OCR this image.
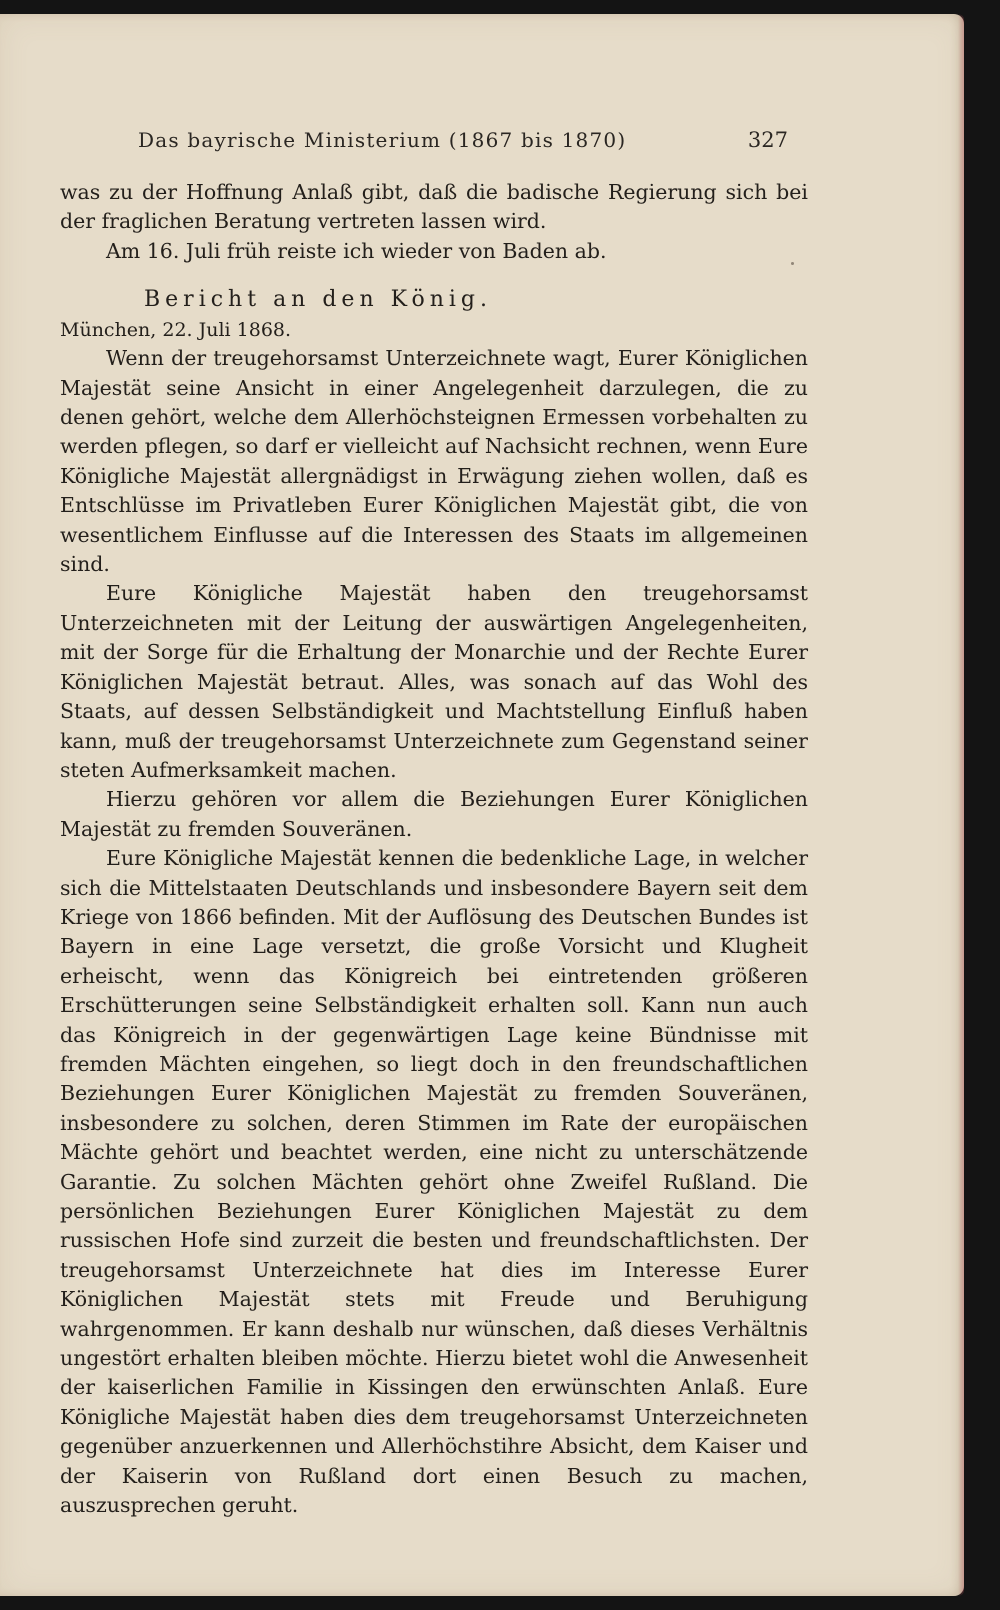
Das bayrische Ministerium (1867 bis 1870)	327

was zu der Hoffnung Anlaß gibt, daß die badische Regierung sich bei der fraglichen Beratung vertreten lassen wird.

Am 16. Juli früh reiste ich wieder von Baden ab.

Bericht an den König.

München, 22. Juli 1868.

Wenn der treugehorsamst Unterzeichnete wagt, Eurer Königlichen Majestät seine Ansicht in einer Angelegenheit darzulegen, die zu denen gehört, welche dem Allerhöchsteignen Ermessen vorbehalten zu werden pflegen, so darf er vielleicht auf Nachsicht rechnen, wenn Eure Königliche Majestät allergnädigst in Erwägung ziehen wollen, daß es Entschlüsse im Privatleben Eurer Königlichen Majestät gibt, die von wesentlichem Einflusse auf die Interessen des Staats im allgemeinen sind.

Eure Königliche Majestät haben den treugehorsamst Unterzeichneten mit der Leitung der auswärtigen Angelegenheiten, mit der Sorge für die Erhaltung der Monarchie und der Rechte Eurer Königlichen Majestät betraut. Alles, was sonach auf das Wohl des Staats, auf dessen Selbständigkeit und Machtstellung Einfluß haben kann, muß der treugehorsamst Unterzeichnete zum Gegenstand seiner steten Aufmerksamkeit machen.

Hierzu gehören vor allem die Beziehungen Eurer Königlichen Majestät zu fremden Souveränen.

Eure Königliche Majestät kennen die bedenkliche Lage, in welcher sich die Mittelstaaten Deutschlands und insbesondere Bayern seit dem Kriege von 1866 befinden. Mit der Auflösung des Deutschen Bundes ist Bayern in eine Lage versetzt, die große Vorsicht und Klugheit erheischt, wenn das Königreich bei eintretenden größeren Erschütterungen seine Selbständigkeit erhalten soll. Kann nun auch das Königreich in der gegenwärtigen Lage keine Bündnisse mit fremden Mächten eingehen, so liegt doch in den freundschaftlichen Beziehungen Eurer Königlichen Majestät zu fremden Souveränen, insbesondere zu solchen, deren Stimmen im Rate der europäischen Mächte gehört und beachtet werden, eine nicht zu unterschätzende Garantie. Zu solchen Mächten gehört ohne Zweifel Rußland. Die persönlichen Beziehungen Eurer Königlichen Majestät zu dem russischen Hofe sind zurzeit die besten und freundschaftlichsten. Der treugehorsamst Unterzeichnete hat dies im Interesse Eurer Königlichen Majestät stets mit Freude und Beruhigung wahrgenommen. Er kann deshalb nur wünschen, daß dieses Verhältnis ungestört erhalten bleiben möchte. Hierzu bietet wohl die Anwesenheit der kaiserlichen Familie in Kissingen den erwünschten Anlaß. Eure Königliche Majestät haben dies dem treugehorsamst Unterzeichneten gegenüber anzuerkennen und Allerhöchstihre Absicht, dem Kaiser und der Kaiserin von Rußland dort einen Besuch zu machen, auszusprechen geruht.
